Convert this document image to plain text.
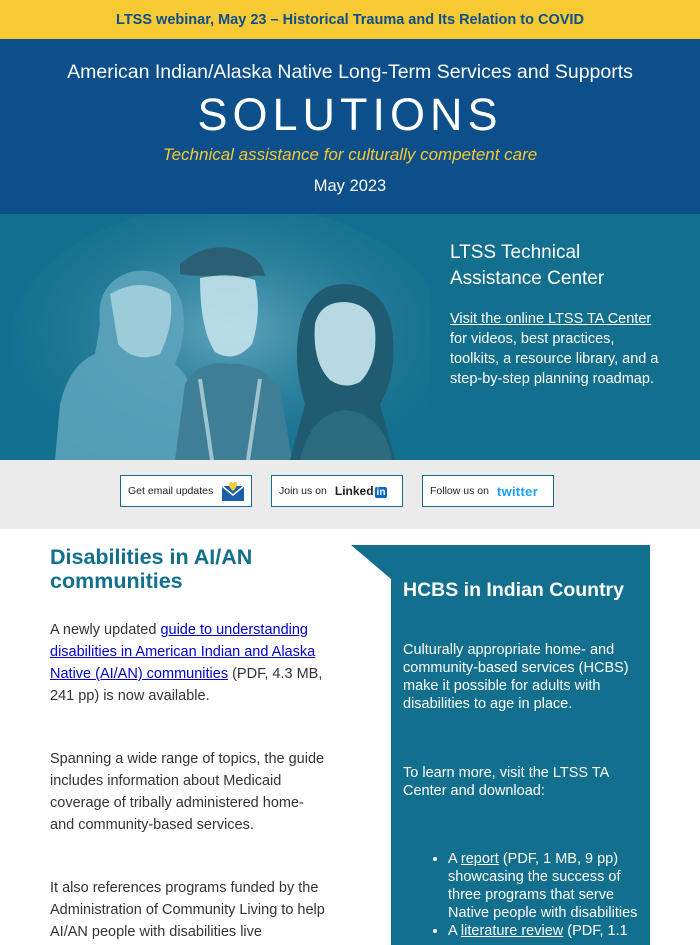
LTSS webinar, May 23 – Historical Trauma and Its Relation to COVID
American Indian/Alaska Native Long-Term Services and Supports
SOLUTIONS
Technical assistance for culturally competent care
May 2023
LTSS Technical Assistance Center
Visit the online LTSS TA Center for videos, best practices, toolkits, a resource library, and a step-by-step planning roadmap.
Get email updates	Join us on Linked in	Follow us on twitter
Disabilities in AI/AN communities

A newly updated guide to understanding disabilities in American Indian and Alaska Native (AI/AN) communities (PDF, 4.3 MB, 241 pp) is now available.

Spanning a wide range of topics, the guide includes information about Medicaid coverage of tribally administered home- and community-based services.

It also references programs funded by the Administration of Community Living to help AI/AN people with disabilities live

HCBS in Indian Country
Culturally appropriate home- and community-based services (HCBS) make it possible for adults with disabilities to age in place.
To learn more, visit the LTSS TA Center and download:
• A report (PDF, 1 MB, 9 pp) showcasing the success of three programs that serve Native people with disabilities
• A literature review (PDF, 1.1
